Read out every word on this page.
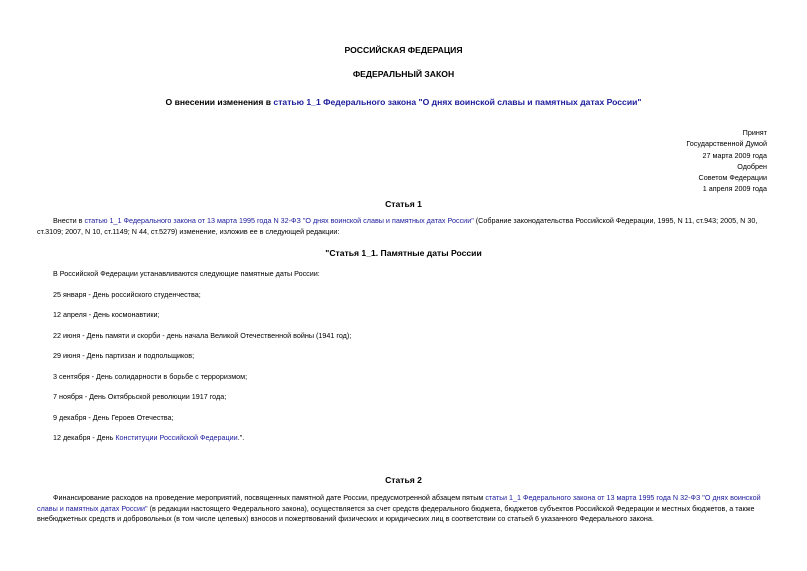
РОССИЙСКАЯ ФЕДЕРАЦИЯ
ФЕДЕРАЛЬНЫЙ ЗАКОН
О внесении изменения в статью 1_1 Федерального закона "О днях воинской славы и памятных датах России"
Принят
Государственной Думой
27 марта 2009 года
Одобрен
Советом Федерации
1 апреля 2009 года
Статья 1
Внести в статью 1_1 Федерального закона от 13 марта 1995 года N 32-ФЗ "О днях воинской славы и памятных датах России" (Собрание законодательства Российской Федерации, 1995, N 11, ст.943; 2005, N 30, ст.3109; 2007, N 10, ст.1149; N 44, ст.5279) изменение, изложив ее в следующей редакции:
"Статья 1_1. Памятные даты России
В Российской Федерации устанавливаются следующие памятные даты России:
25 января - День российского студенчества;
12 апреля - День космонавтики;
22 июня - День памяти и скорби - день начала Великой Отечественной войны (1941 год);
29 июня - День партизан и подпольщиков;
3 сентября - День солидарности в борьбе с терроризмом;
7 ноября - День Октябрьской революции 1917 года;
9 декабря - День Героев Отечества;
12 декабря - День Конституции Российской Федерации.".
Статья 2
Финансирование расходов на проведение мероприятий, посвященных памятной дате России, предусмотренной абзацем пятым статьи 1_1 Федерального закона от 13 марта 1995 года N 32-ФЗ "О днях воинской славы и памятных датах России" (в редакции настоящего Федерального закона), осуществляется за счет средств федерального бюджета, бюджетов субъектов Российской Федерации и местных бюджетов, а также внебюджетных средств и добровольных (в том числе целевых) взносов и пожертвований физических и юридических лиц в соответствии со статьей 6 указанного Федерального закона.
